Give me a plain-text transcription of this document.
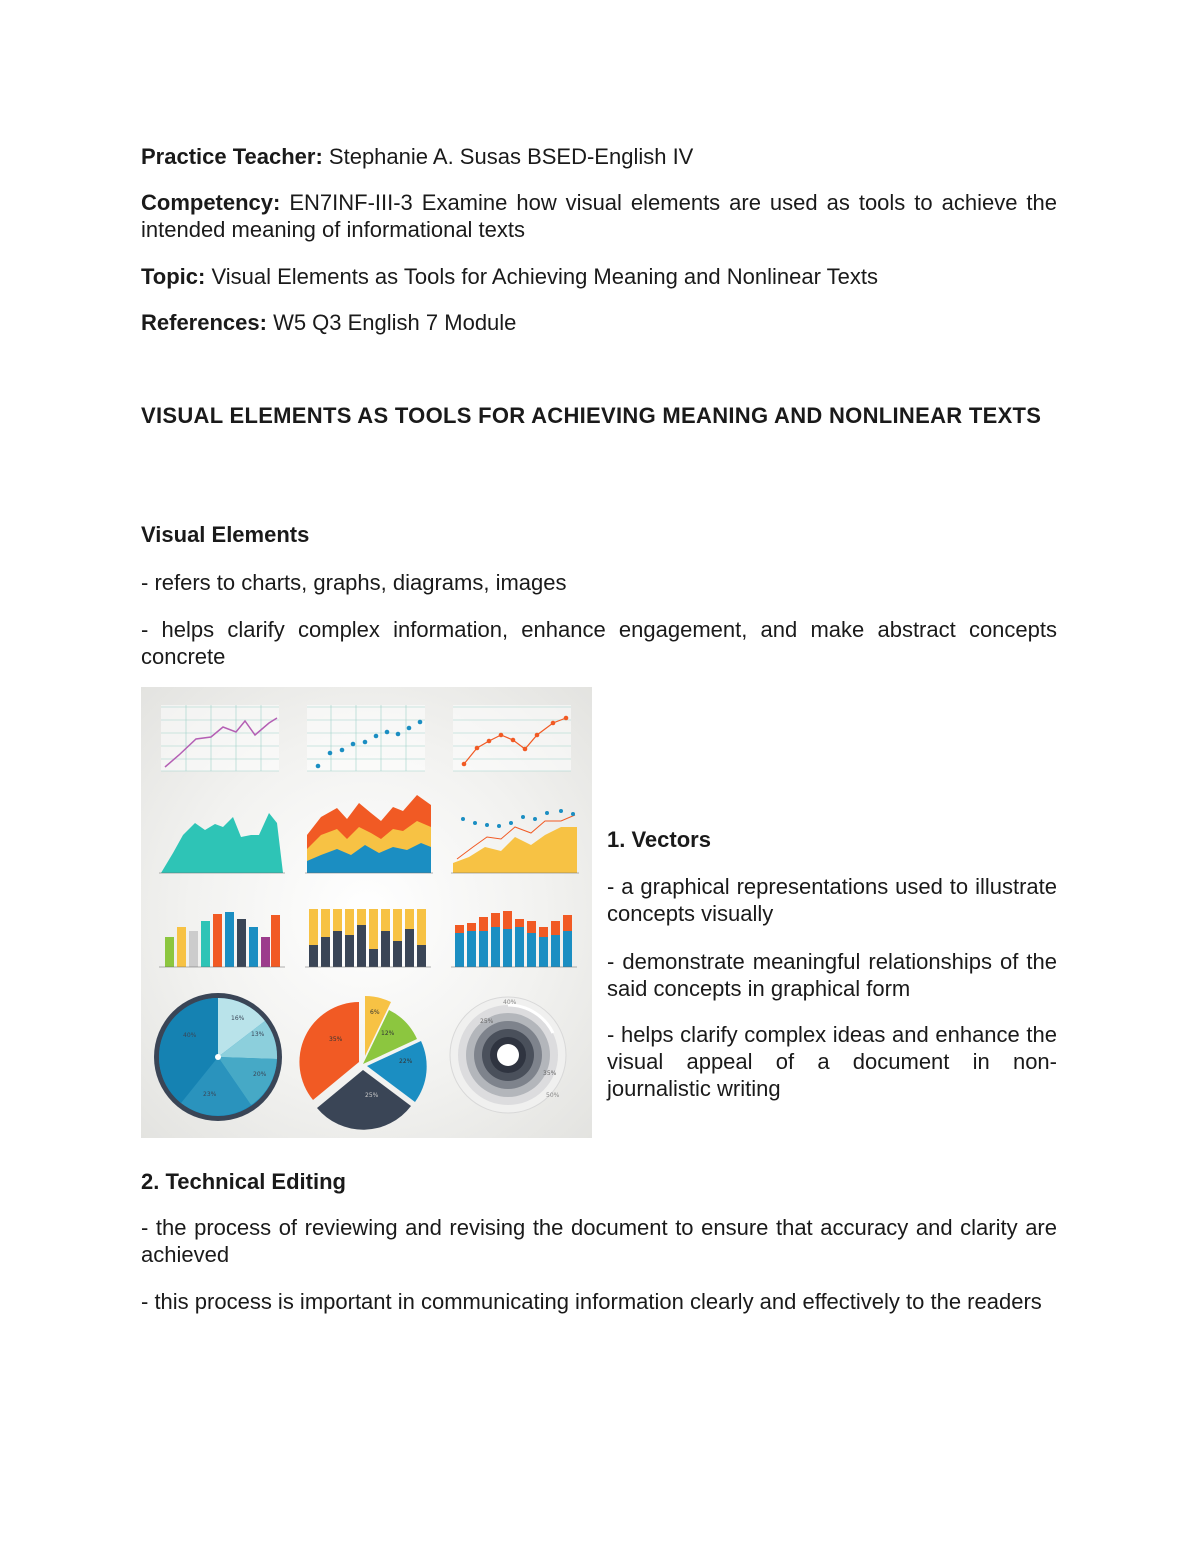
Practice Teacher: Stephanie A. Susas BSED-English IV

Competency: EN7INF-III-3 Examine how visual elements are used as tools to achieve the intended meaning of informational texts

Topic: Visual Elements as Tools for Achieving Meaning and Nonlinear Texts

References: W5 Q3 English 7 Module

VISUAL ELEMENTS AS TOOLS FOR ACHIEVING MEANING AND NONLINEAR TEXTS

Visual Elements

- refers to charts, graphs, diagrams, images

- helps clarify complex information, enhance engagement, and make abstract concepts concrete

16%
13%
20%
23%
40%
6%
12%
22%
35%
25%
40%
25%
35%
50%

1. Vectors

- a graphical representations used to illustrate concepts visually

- demonstrate meaningful relationships of the said concepts in graphical form

- helps clarify complex ideas and enhance the visual appeal of a document in non-journalistic writing

2. Technical Editing

- the process of reviewing and revising the document to ensure that accuracy and clarity are achieved

- this process is important in communicating information clearly and effectively to the readers
